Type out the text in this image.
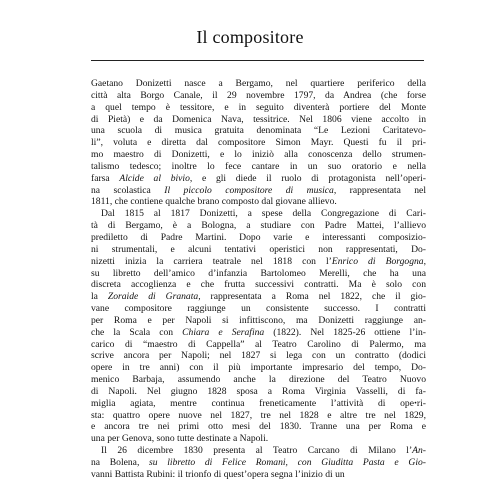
Il compositore
Gaetano Donizetti nasce a Bergamo, nel quartiere periferico della
città alta Borgo Canale, il 29 novembre 1797, da Andrea (che forse
a quel tempo è tessitore, e in seguito diventerà portiere del Monte
di Pietà) e da Domenica Nava, tessitrice. Nel 1806 viene accolto in
una scuola di musica gratuita denominata “Le Lezioni Caritatevo-
li”, voluta e diretta dal compositore Simon Mayr. Questi fu il pri-
mo maestro di Donizetti, e lo iniziò alla conoscenza dello strumen-
talismo tedesco; inoltre lo fece cantare in un suo oratorio e nella
farsa Alcide al bivio, e gli diede il ruolo di protagonista nell’operi-
na scolastica Il piccolo compositore di musica, rappresentata nel
1811, che contiene qualche brano composto dal giovane allievo.
Dal 1815 al 1817 Donizetti, a spese della Congregazione di Cari-
tà di Bergamo, è a Bologna, a studiare con Padre Mattei, l’allievo
prediletto di Padre Martini. Dopo varie e interessanti composizio-
ni strumentali, e alcuni tentativi operistici non rappresentati, Do-
nizetti inizia la carriera teatrale nel 1818 con l’Enrico di Borgogna,
su libretto dell’amico d’infanzia Bartolomeo Merelli, che ha una
discreta accoglienza e che frutta successivi contratti. Ma è solo con
la Zoraide di Granata, rappresentata a Roma nel 1822, che il gio-
vane compositore raggiunge un consistente successo. I contratti
per Roma e per Napoli si infittiscono, ma Donizetti raggiunge an-
che la Scala con Chiara e Serafina (1822). Nel 1825-26 ottiene l’in-
carico di “maestro di Cappella” al Teatro Carolino di Palermo, ma
scrive ancora per Napoli; nel 1827 si lega con un contratto (dodici
opere in tre anni) con il più importante impresario del tempo, Do-
menico Barbaja, assumendo anche la direzione del Teatro Nuovo
di Napoli. Nel giugno 1828 sposa a Roma Virginia Vasselli, di fa-
miglia agiata, mentre continua freneticamente l’attività di opeꞏri-
sta: quattro opere nuove nel 1827, tre nel 1828 e altre tre nel 1829,
e ancora tre nei primi otto mesi del 1830. Tranne una per Roma e
una per Genova, sono tutte destinate a Napoli.
Il 26 dicembre 1830 presenta al Teatro Carcano di Milano l’An-
na Bolena, su libretto di Felice Romani, con Giuditta Pasta e Gio-
vanni Battista Rubini: il trionfo di quest’opera segna l’inizio di un
